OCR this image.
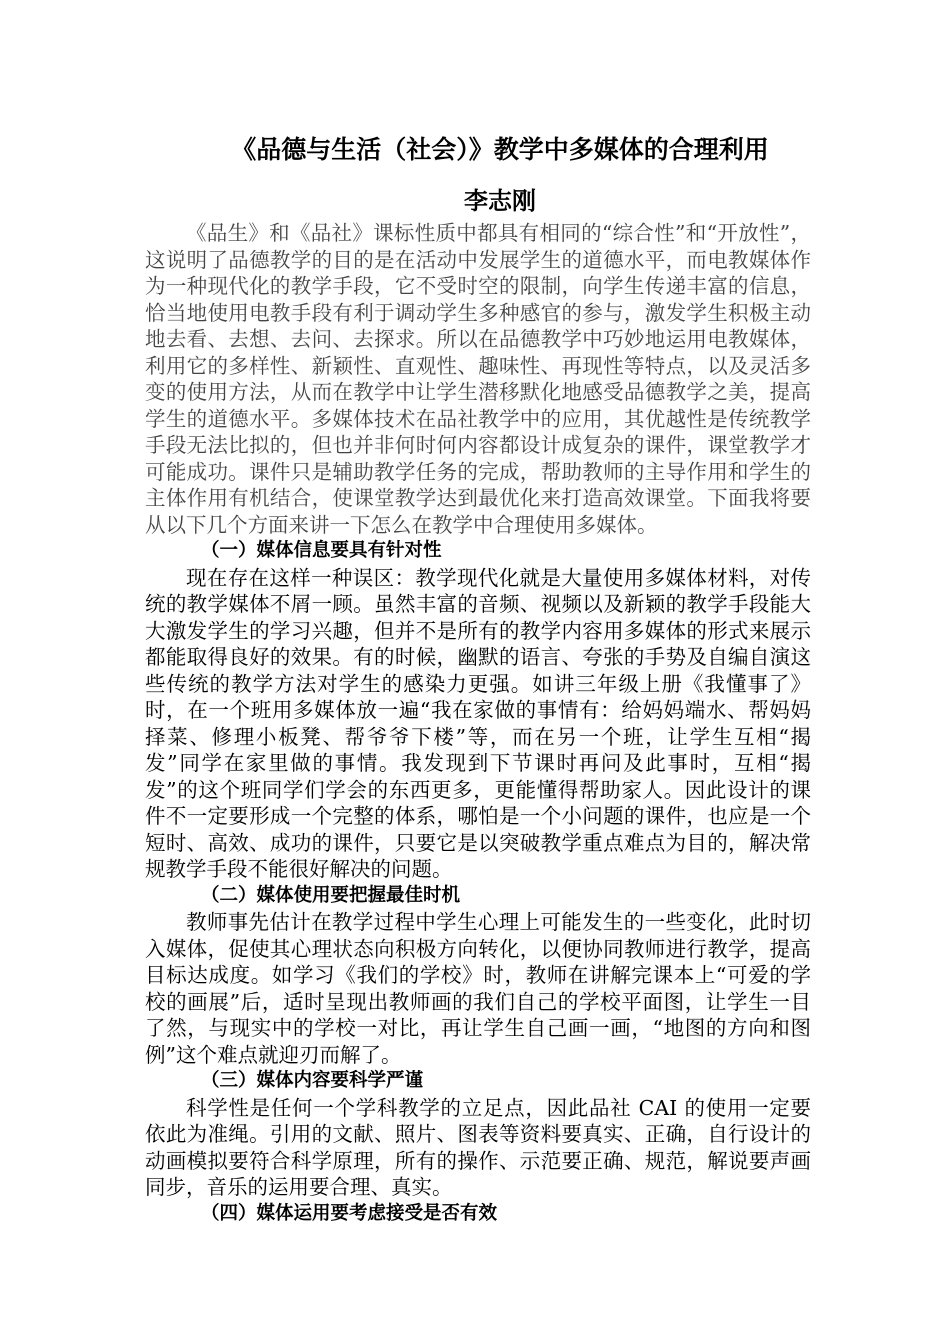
《品德与生活（社会）》教学中多媒体的合理利用
李志刚

《品生》和《品社》课标性质中都具有相同的“综合性”和“开放性”，这说明了品德教学的目的是在活动中发展学生的道德水平，而电教媒体作为一种现代化的教学手段，它不受时空的限制，向学生传递丰富的信息，恰当地使用电教手段有利于调动学生多种感官的参与，激发学生积极主动地去看、去想、去问、去探求。所以在品德教学中巧妙地运用电教媒体，利用它的多样性、新颖性、直观性、趣味性、再现性等特点，以及灵活多变的使用方法，从而在教学中让学生潜移默化地感受品德教学之美，提高学生的道德水平。多媒体技术在品社教学中的应用，其优越性是传统教学手段无法比拟的，但也并非何时何内容都设计成复杂的课件，课堂教学才可能成功。课件只是辅助教学任务的完成，帮助教师的主导作用和学生的主体作用有机结合，使课堂教学达到最优化来打造高效课堂。下面我将要从以下几个方面来讲一下怎么在教学中合理使用多媒体。

（一）媒体信息要具有针对性

现在存在这样一种误区：教学现代化就是大量使用多媒体材料，对传统的教学媒体不屑一顾。虽然丰富的音频、视频以及新颖的教学手段能大大激发学生的学习兴趣，但并不是所有的教学内容用多媒体的形式来展示都能取得良好的效果。有的时候，幽默的语言、夸张的手势及自编自演这些传统的教学方法对学生的感染力更强。如讲三年级上册《我懂事了》时，在一个班用多媒体放一遍“我在家做的事情有：给妈妈端水、帮妈妈择菜、修理小板凳、帮爷爷下楼”等，而在另一个班，让学生互相“揭发”同学在家里做的事情。我发现到下节课时再问及此事时，互相“揭发”的这个班同学们学会的东西更多，更能懂得帮助家人。因此设计的课件不一定要形成一个完整的体系，哪怕是一个小问题的课件，也应是一个短时、高效、成功的课件，只要它是以突破教学重点难点为目的，解决常规教学手段不能很好解决的问题。

（二）媒体使用要把握最佳时机

教师事先估计在教学过程中学生心理上可能发生的一些变化，此时切入媒体，促使其心理状态向积极方向转化，以便协同教师进行教学，提高目标达成度。如学习《我们的学校》时，教师在讲解完课本上“可爱的学校的画展”后，适时呈现出教师画的我们自己的学校平面图，让学生一目了然，与现实中的学校一对比，再让学生自己画一画，“地图的方向和图例”这个难点就迎刃而解了。

（三）媒体内容要科学严谨

科学性是任何一个学科教学的立足点，因此品社 CAI 的使用一定要依此为准绳。引用的文献、照片、图表等资料要真实、正确，自行设计的动画模拟要符合科学原理，所有的操作、示范要正确、规范，解说要声画同步，音乐的运用要合理、真实。

（四）媒体运用要考虑接受是否有效
